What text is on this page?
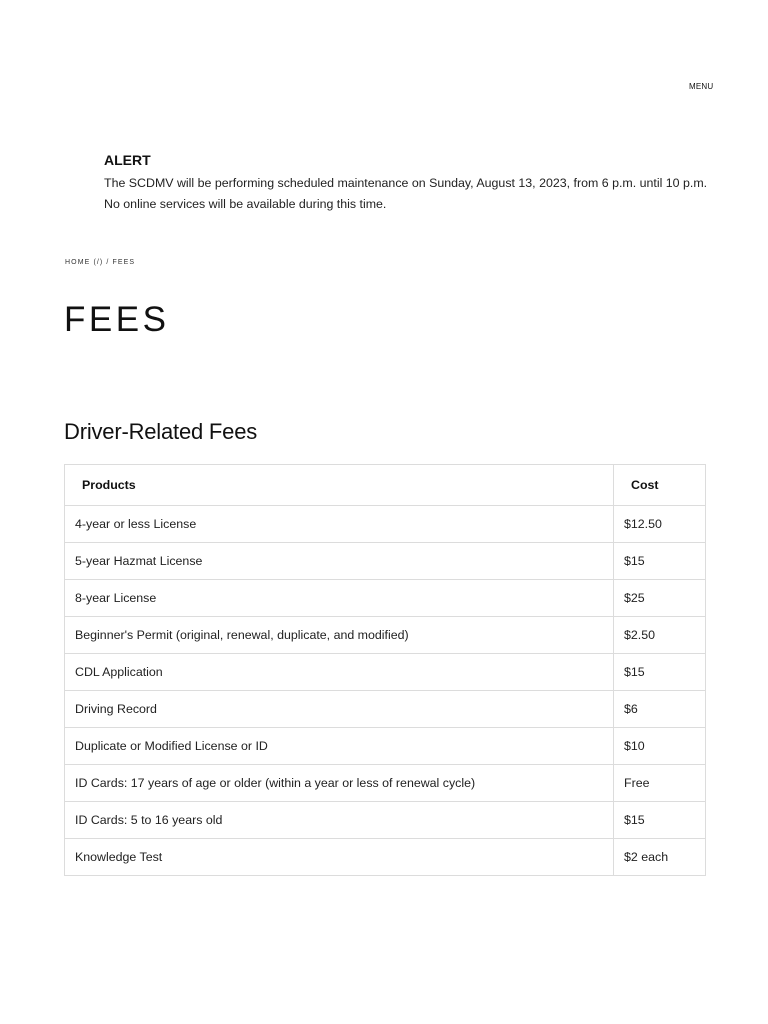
MENU
ALERT

The SCDMV will be performing scheduled maintenance on Sunday, August 13, 2023, from 6 p.m. until 10 p.m.
No online services will be available during this time.

HOME (/) / FEES
FEES
Driver-Related Fees
Products	Cost
4-year or less License	$12.50
5-year Hazmat License	$15
8-year License	$25
Beginner's Permit (original, renewal, duplicate, and modified)	$2.50
CDL Application	$15
Driving Record	$6
Duplicate or Modified License or ID	$10
ID Cards: 17 years of age or older (within a year or less of renewal cycle)	Free
ID Cards: 5 to 16 years old	$15
Knowledge Test	$2 each
